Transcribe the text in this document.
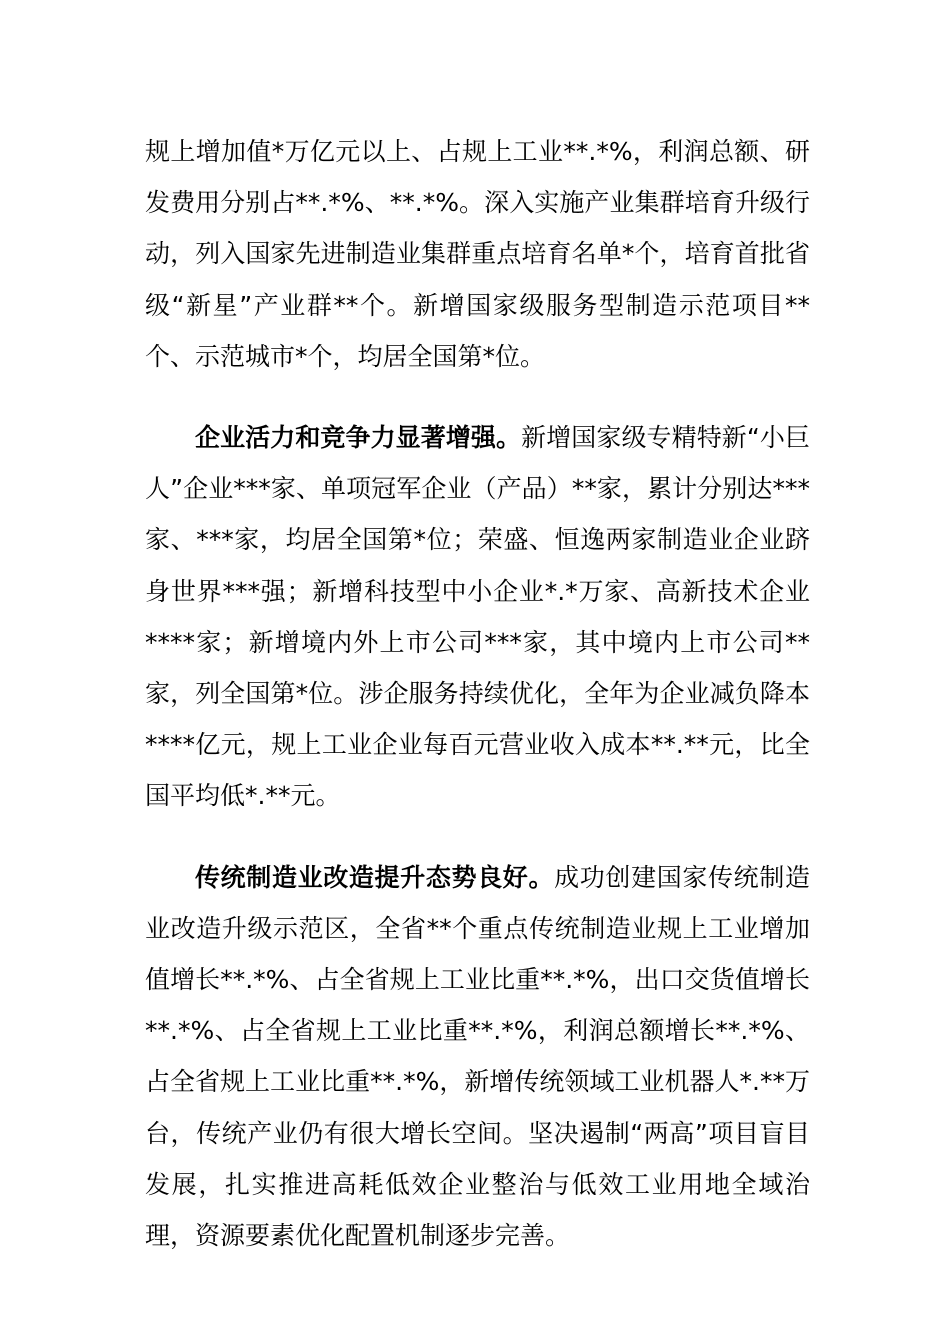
规上增加值*万亿元以上、占规上工业**.*%，利润总额、研发费用分别占**.*%、**.*%。深入实施产业集群培育升级行动，列入国家先进制造业集群重点培育名单*个，培育首批省级“新星”产业群**个。新增国家级服务型制造示范项目**个、示范城市*个，均居全国第*位。

企业活力和竞争力显著增强。新增国家级专精特新“小巨人”企业***家、单项冠军企业（产品）**家，累计分别达***家、***家，均居全国第*位；荣盛、恒逸两家制造业企业跻身世界***强；新增科技型中小企业*.*万家、高新技术企业****家；新增境内外上市公司***家，其中境内上市公司**家，列全国第*位。涉企服务持续优化，全年为企业减负降本****亿元，规上工业企业每百元营业收入成本**.**元，比全国平均低*.**元。

传统制造业改造提升态势良好。成功创建国家传统制造业改造升级示范区，全省**个重点传统制造业规上工业增加值增长**.*%、占全省规上工业比重**.*%，出口交货值增长**.*%、占全省规上工业比重**.*%，利润总额增长**.*%、占全省规上工业比重**.*%，新增传统领域工业机器人*.**万台，传统产业仍有很大增长空间。坚决遏制“两高”项目盲目发展，扎实推进高耗低效企业整治与低效工业用地全域治理，资源要素优化配置机制逐步完善。
